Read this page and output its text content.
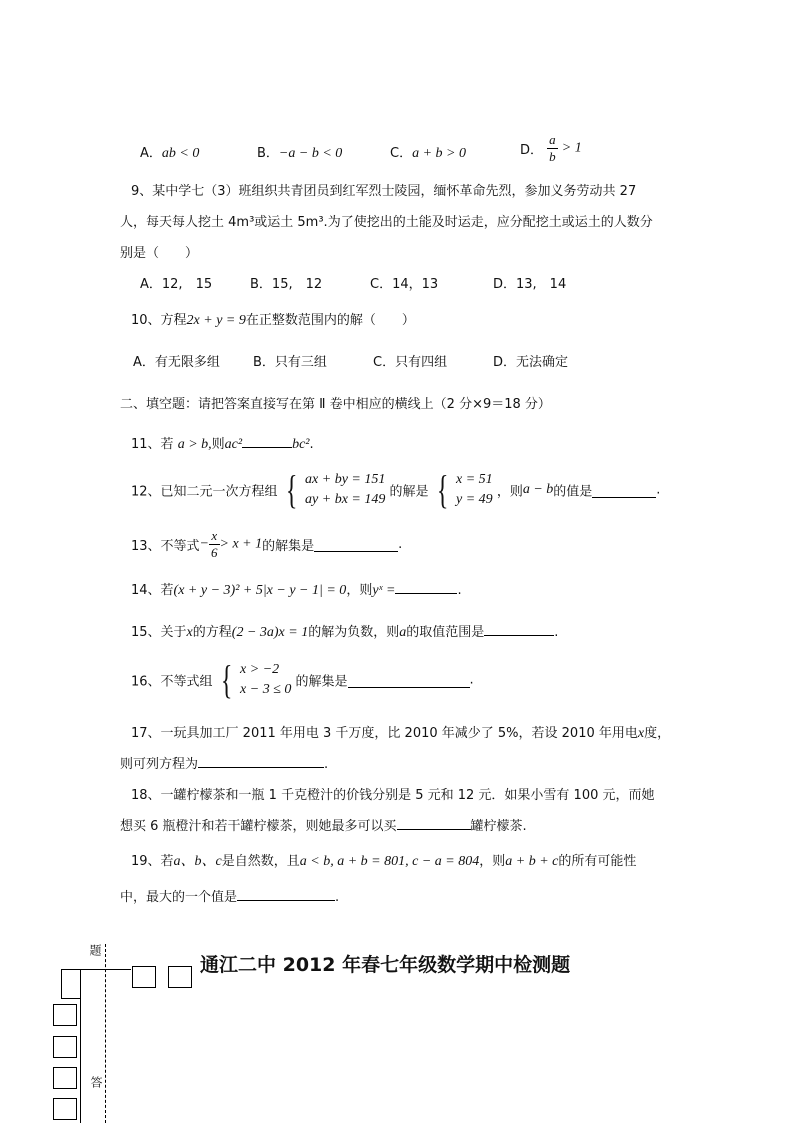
A．ab < 0	B．−a − b < 0	C．a + b > 0	D． $\frac{a}{b} > 1$
9、某中学七（3）班组织共青团员到红军烈士陵园，缅怀革命先烈，参加义务劳动共 27
人，每天每人挖土 4m³或运土 5m³.为了使挖出的土能及时运走，应分配挖土或运土的人数分
别是（　　）
A．12,　15	B．15,　12	C．14，13	D．13,　14
10、方程2x + y = 9在正整数范围内的解（　　）
A．有无限多组	B．只有三组	C．只有四组	D．无法确定
二、填空题：请把答案直接写在第 Ⅱ 卷中相应的横线上（2 分×9＝18 分）
11、若 a > b,则ac²	bc².
12、已知二元一次方程组 { ax + by = 151
ay + bx = 149 的解是 { x = 51
y = 49 ，则a − b的值是	.
13、不等式− $\frac{x}{6} > x + 1$的解集是	.
14、若(x + y − 3)² + 5|x − y − 1| = 0，则yˣ =	.
15、关于x的方程(2 − 3a)x = 1的解为负数，则a的取值范围是	.
16、不等式组 { x > −2
x − 3 ≤ 0 的解集是	.
17、一玩具加工厂 2011 年用电 3 千万度，比 2010 年减少了 5%，若设 2010 年用电x度，
则可列方程为	.
18、一罐柠檬茶和一瓶 1 千克橙汁的价钱分别是 5 元和 12 元．如果小雪有 100 元，而她
想买 6 瓶橙汁和若干罐柠檬茶，则她最多可以买	罐柠檬茶.
19、若a、b、c是自然数，且a < b, a + b = 801, c − a = 804，则a + b + c的所有可能性
中，最大的一个值是	.
通江二中 2012 年春七年级数学期中检测题
题
答
